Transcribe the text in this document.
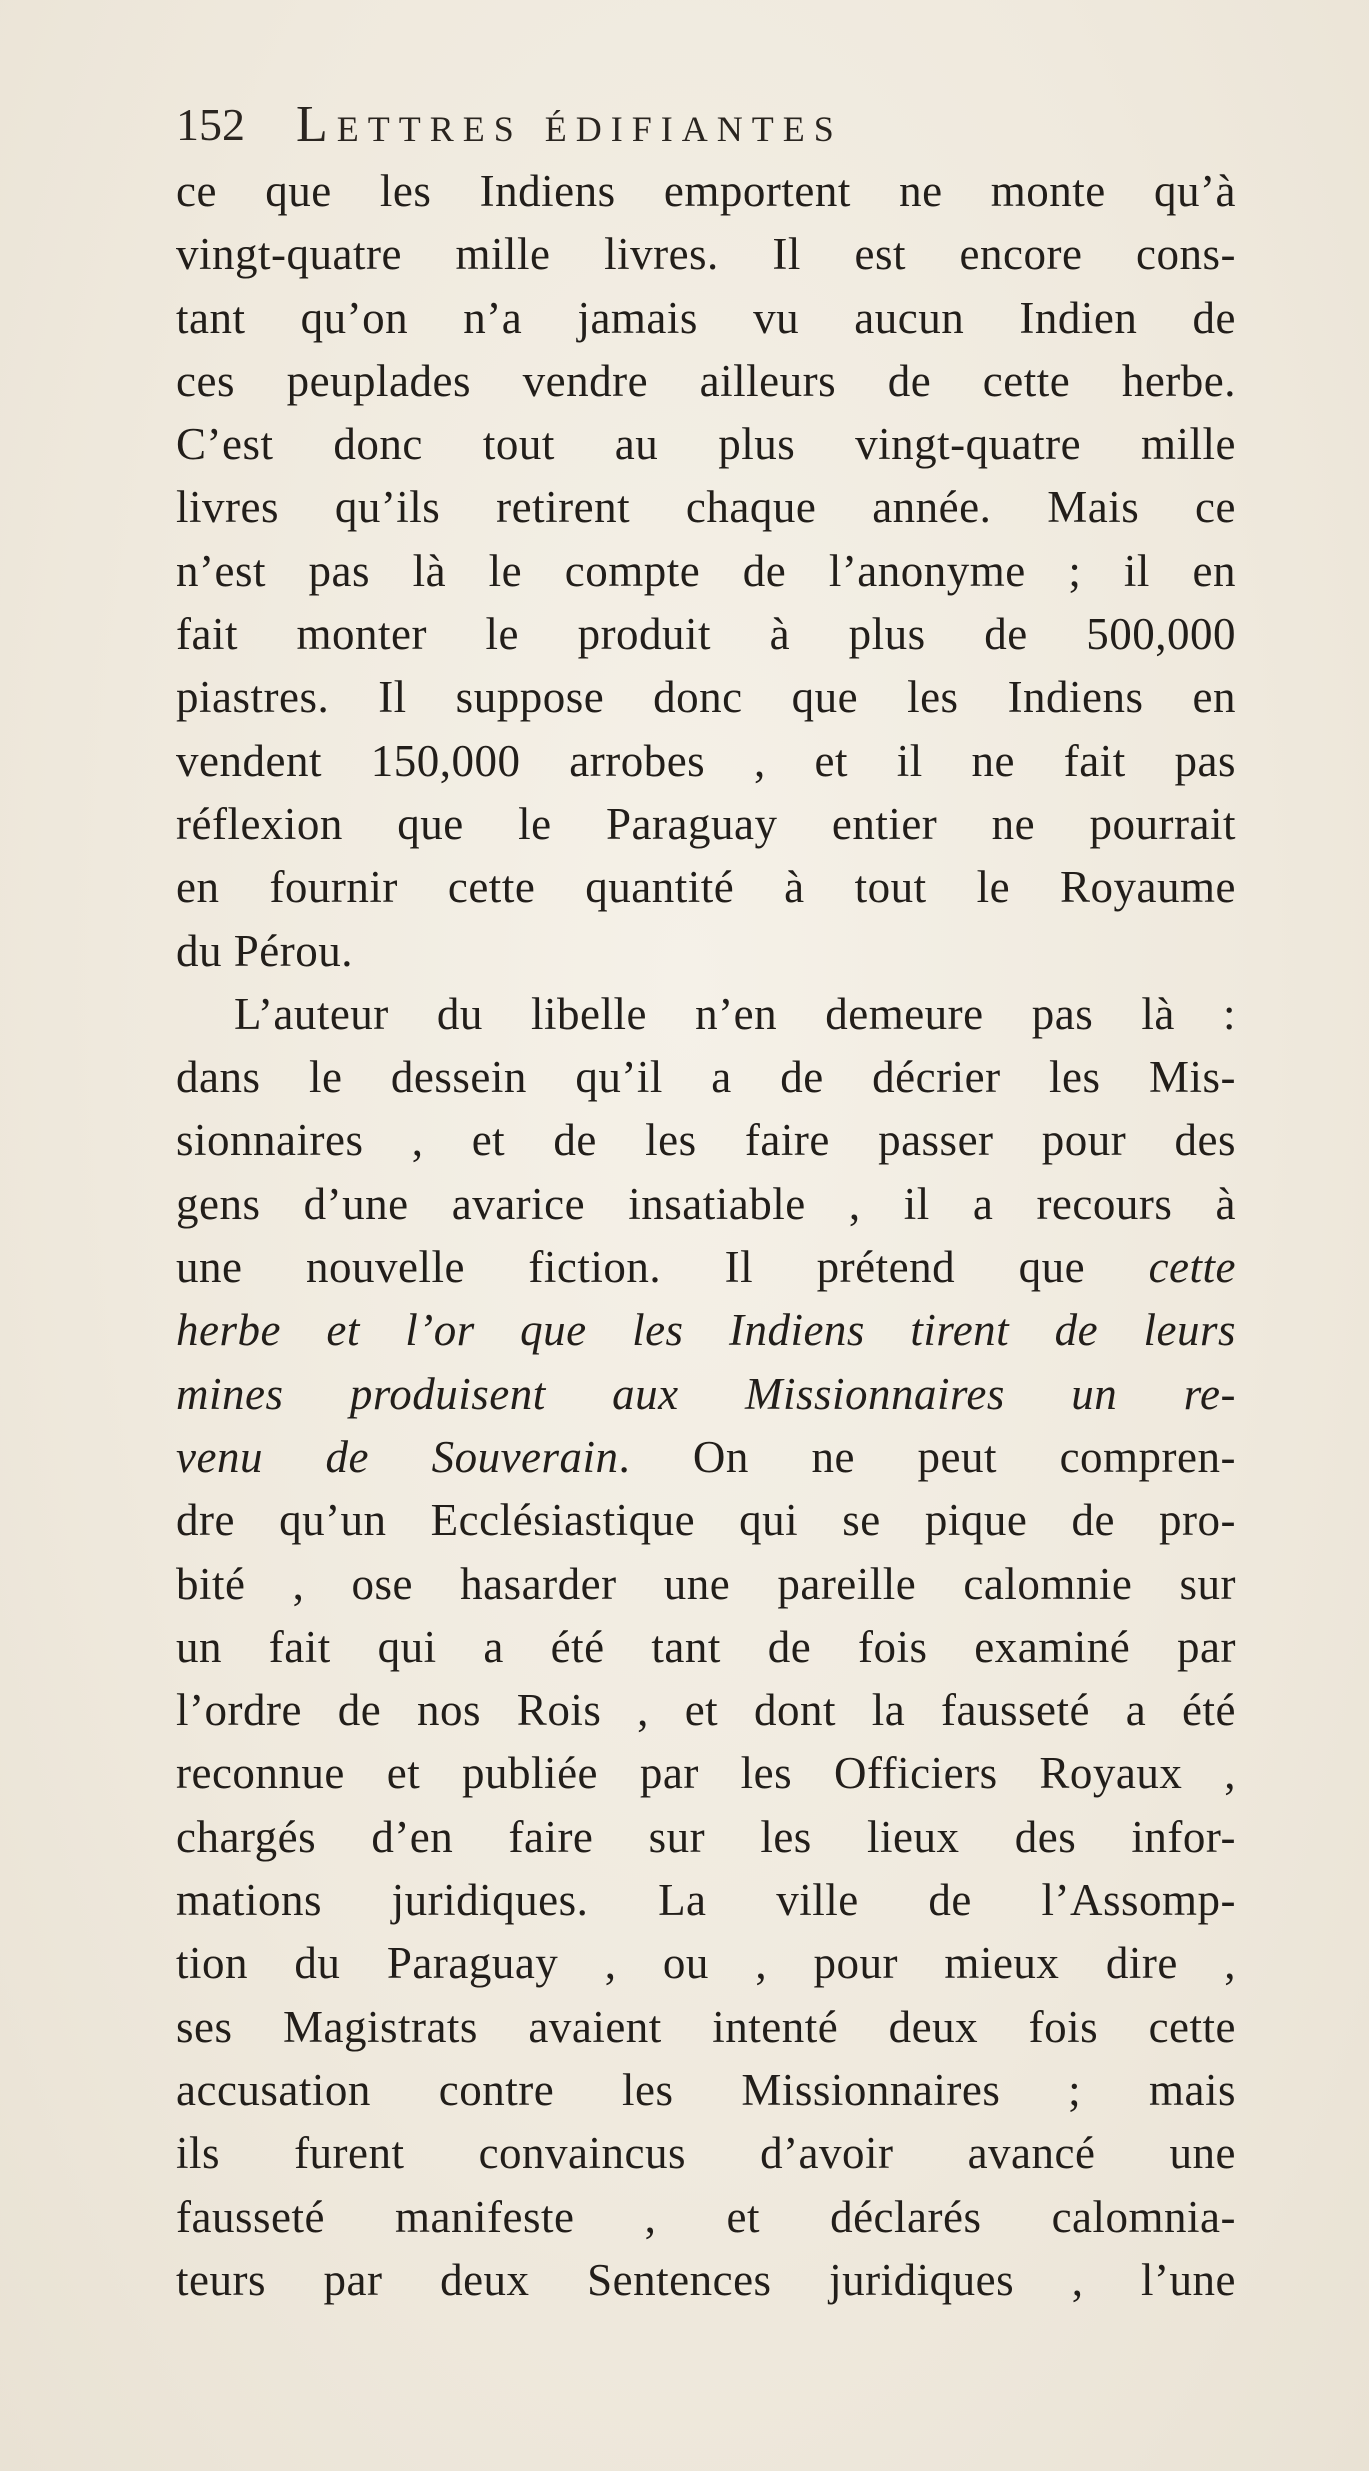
152 Lettres édifiantes
ce que les Indiens emportent ne monte qu’à
vingt-quatre mille livres. Il est encore cons-
tant qu’on n’a jamais vu aucun Indien de
ces peuplades vendre ailleurs de cette herbe.
C’est donc tout au plus vingt-quatre mille
livres qu’ils retirent chaque année. Mais ce
n’est pas là le compte de l’anonyme ; il en
fait monter le produit à plus de 500,000
piastres. Il suppose donc que les Indiens en
vendent 150,000 arrobes , et il ne fait pas
réflexion que le Paraguay entier ne pourrait
en fournir cette quantité à tout le Royaume
du Pérou.
L’auteur du libelle n’en demeure pas là :
dans le dessein qu’il a de décrier les Mis-
sionnaires , et de les faire passer pour des
gens d’une avarice insatiable , il a recours à
une nouvelle fiction. Il prétend que cette
herbe et l’or que les Indiens tirent de leurs
mines produisent aux Missionnaires un re-
venu de Souverain. On ne peut compren-
dre qu’un Ecclésiastique qui se pique de pro-
bité , ose hasarder une pareille calomnie sur
un fait qui a été tant de fois examiné par
l’ordre de nos Rois , et dont la fausseté a été
reconnue et publiée par les Officiers Royaux ,
chargés d’en faire sur les lieux des infor-
mations juridiques. La ville de l’Assomp-
tion du Paraguay , ou , pour mieux dire ,
ses Magistrats avaient intenté deux fois cette
accusation contre les Missionnaires ; mais
ils furent convaincus d’avoir avancé une
fausseté manifeste , et déclarés calomnia-
teurs par deux Sentences juridiques , l’une
